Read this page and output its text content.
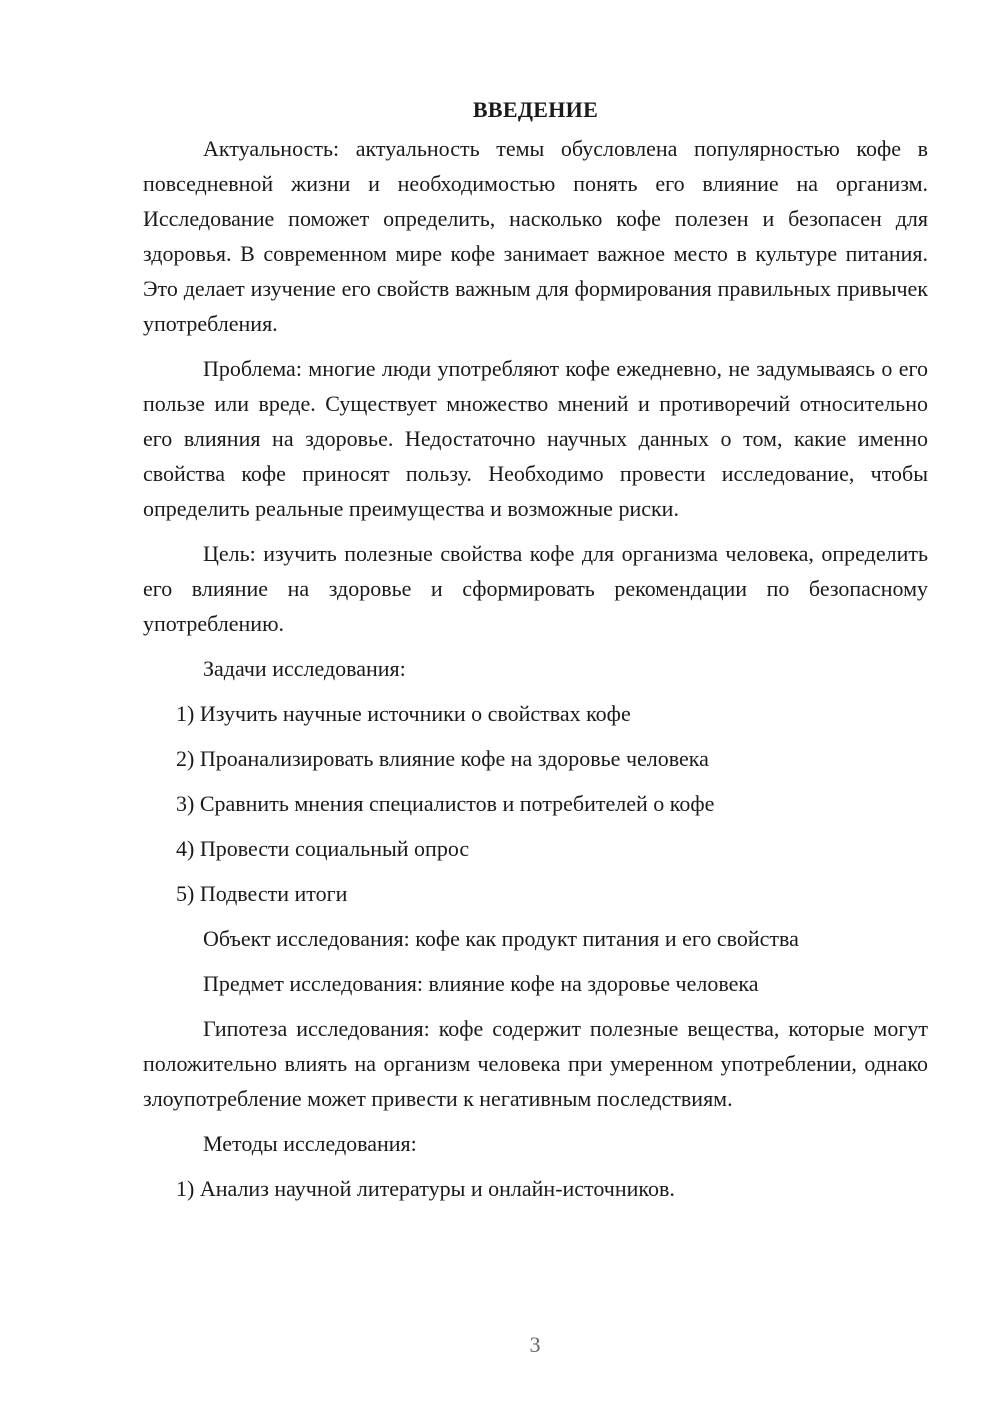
ВВЕДЕНИЕ

Актуальность: актуальность темы обусловлена популярностью кофе в повседневной жизни и необходимостью понять его влияние на организм. Исследование поможет определить, насколько кофе полезен и безопасен для здоровья. В современном мире кофе занимает важное место в культуре питания. Это делает изучение его свойств важным для формирования правильных привычек употребления.

Проблема: многие люди употребляют кофе ежедневно, не задумываясь о его пользе или вреде. Существует множество мнений и противоречий относительно его влияния на здоровье. Недостаточно научных данных о том, какие именно свойства кофе приносят пользу. Необходимо провести исследование, чтобы определить реальные преимущества и возможные риски.

Цель: изучить полезные свойства кофе для организма человека, определить его влияние на здоровье и сформировать рекомендации по безопасному употреблению.

Задачи исследования:

1) Изучить научные источники о свойствах кофе

2) Проанализировать влияние кофе на здоровье человека

3) Сравнить мнения специалистов и потребителей о кофе

4) Провести социальный опрос

5) Подвести итоги

Объект исследования: кофе как продукт питания и его свойства

Предмет исследования: влияние кофе на здоровье человека

Гипотеза исследования: кофе содержит полезные вещества, которые могут положительно влиять на организм человека при умеренном употреблении, однако злоупотребление может привести к негативным последствиям.

Методы исследования:

1) Анализ научной литературы и онлайн-источников.

3
